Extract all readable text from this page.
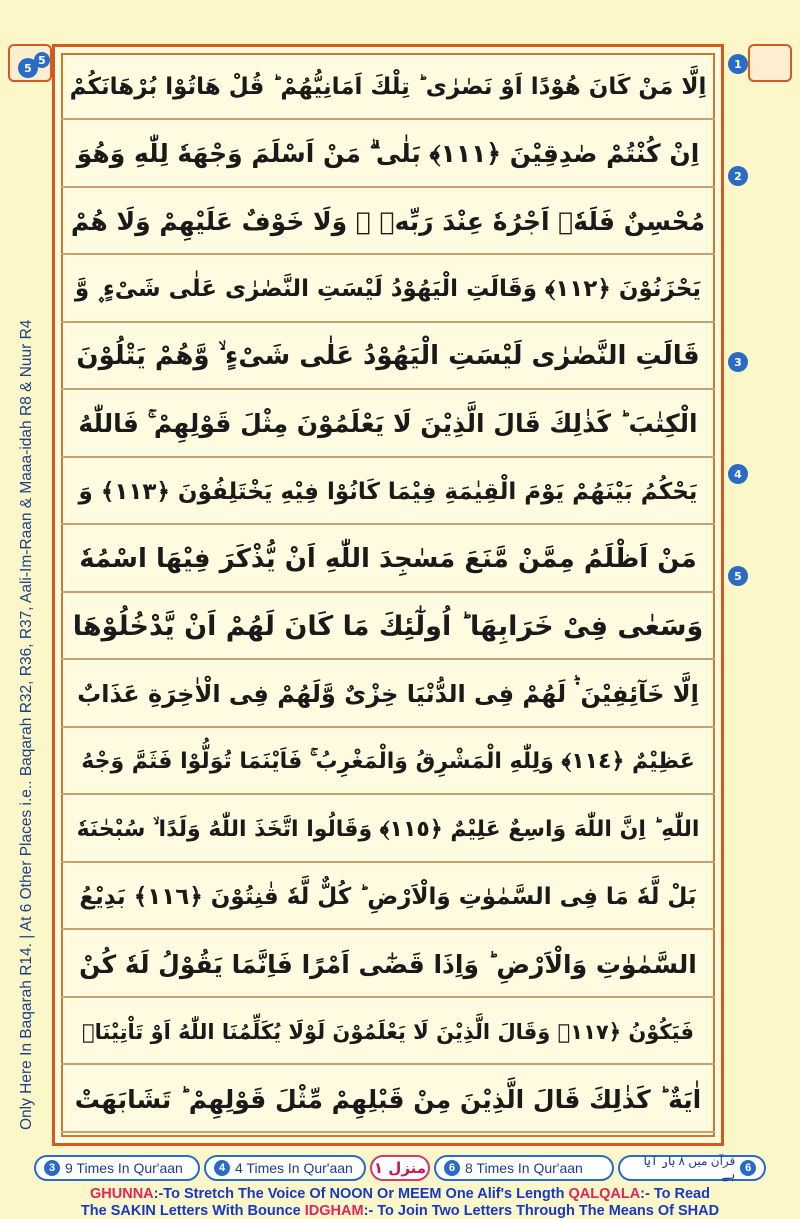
5
اِلَّا مَنْ كَانَ هُوْدًا اَوْ نَصٰرٰى ؕ تِلْكَ اَمَانِيُّهُمْ ؕ قُلْ هَاتُوْا بُرْهَانَكُمْ
اِنْ كُنْتُمْ صٰدِقِيْنَ ﴿١١١﴾ بَلٰى ۗ مَنْ اَسْلَمَ وَجْهَهٗ لِلّٰهِ وَهُوَ
مُحْسِنٌ فَلَهٗۤ اَجْرُهٗ عِنْدَ رَبِّهٖ ۪ وَلَا خَوْفٌ عَلَيْهِمْ وَلَا هُمْ
يَحْزَنُوْنَ ﴿١١٢﴾ وَقَالَتِ الْيَهُوْدُ لَيْسَتِ النَّصٰرٰى عَلٰى شَىْءٍ ۪ وَّ
قَالَتِ النَّصٰرٰى لَيْسَتِ الْيَهُوْدُ عَلٰى شَىْءٍ ۙ وَّهُمْ يَتْلُوْنَ
الْكِتٰبَ ؕ كَذٰلِكَ قَالَ الَّذِيْنَ لَا يَعْلَمُوْنَ مِثْلَ قَوْلِهِمْ ۚ فَاللّٰهُ
يَحْكُمُ بَيْنَهُمْ يَوْمَ الْقِيٰمَةِ فِيْمَا كَانُوْا فِيْهِ يَخْتَلِفُوْنَ ﴿١١٣﴾ وَ
مَنْ اَظْلَمُ مِمَّنْ مَّنَعَ مَسٰجِدَ اللّٰهِ اَنْ يُّذْكَرَ فِيْهَا اسْمُهٗ
وَسَعٰى فِىْ خَرَابِهَا ؕ اُولٰٓئِكَ مَا كَانَ لَهُمْ اَنْ يَّدْخُلُوْهَا
اِلَّا خَآئِفِيْنَ ۬ؕ لَهُمْ فِى الدُّنْيَا خِزْىٌ وَّلَهُمْ فِى الْاٰخِرَةِ عَذَابٌ
عَظِيْمٌ ﴿١١٤﴾ وَلِلّٰهِ الْمَشْرِقُ وَالْمَغْرِبُ ۚ فَاَيْنَمَا تُوَلُّوْا فَثَمَّ وَجْهُ
اللّٰهِ ؕ اِنَّ اللّٰهَ وَاسِعٌ عَلِيْمٌ ﴿١١٥﴾ وَقَالُوا اتَّخَذَ اللّٰهُ وَلَدًا ۙ سُبْحٰنَهٗ
بَلْ لَّهٗ مَا فِى السَّمٰوٰتِ وَالْاَرْضِ ؕ كُلٌّ لَّهٗ قٰنِتُوْنَ ﴿١١٦﴾ بَدِيْعُ
السَّمٰوٰتِ وَالْاَرْضِ ؕ وَاِذَا قَضٰٓى اَمْرًا فَاِنَّمَا يَقُوْلُ لَهٗ كُنْ
فَيَكُوْنُ ﴿١١٧﴾ وَقَالَ الَّذِيْنَ لَا يَعْلَمُوْنَ لَوْلَا يُكَلِّمُنَا اللّٰهُ اَوْ تَاْتِيْنَاۤ
اٰيَةٌ ؕ كَذٰلِكَ قَالَ الَّذِيْنَ مِنْ قَبْلِهِمْ مِّثْلَ قَوْلِهِمْ ؕ تَشَابَهَتْ
5
Only Here In Baqarah R14. | At 6 Other Places i.e.. Baqarah R32, R36, R37, Aali-Im-Raan & Maaa-idah R8 & Nuur R4
1
2
3
4
5
3 9 Times In Qur'aan	4 4 Times In Qur'aan منزل ١	6 8 Times In Qur'aan	6
قرآن میں ۸ بار آیا ہے
GHUNNA:-To Stretch The Voice Of NOON Or MEEM One Alif's Length QALQALA:- To Read
The SAKIN Letters With Bounce IDGHAM:- To Join Two Letters Through The Means Of SHAD
